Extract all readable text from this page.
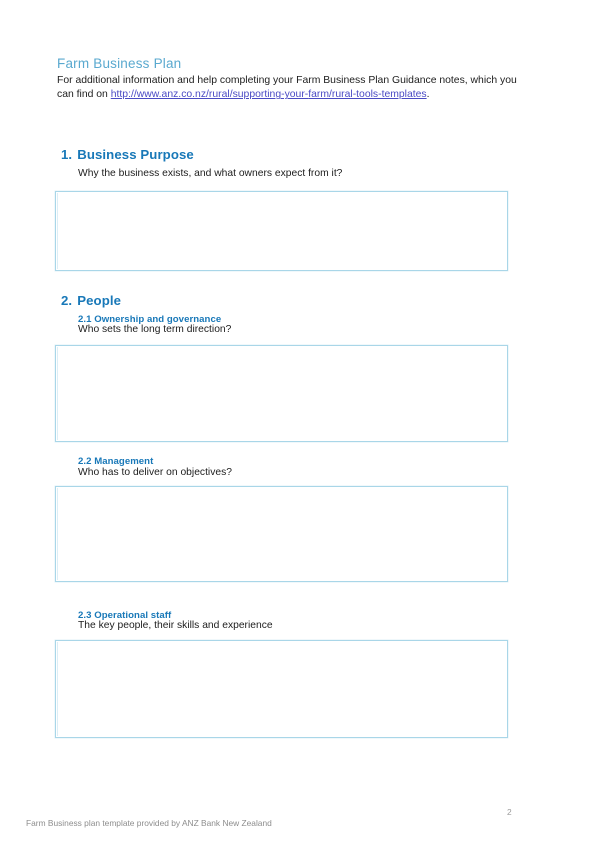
Farm Business Plan
For additional information and help completing your Farm Business Plan Guidance notes, which you can find on http://www.anz.co.nz/rural/supporting-your-farm/rural-tools-templates.
1. Business Purpose
Why the business exists, and what owners expect from it?
2. People
2.1 Ownership and governance
Who sets the long term direction?
2.2 Management
Who has to deliver on objectives?
2.3 Operational staff
The key people, their skills and experience
2
Farm Business plan template provided by ANZ Bank New Zealand
